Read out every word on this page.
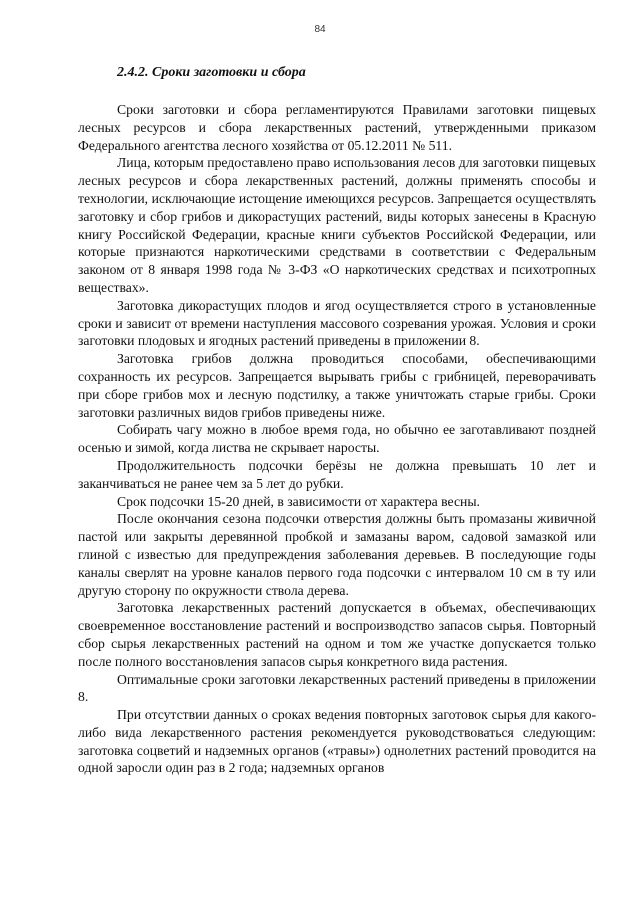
84
2.4.2. Сроки заготовки и сбора

Сроки заготовки и сбора регламентируются Правилами заготовки пищевых лесных ресурсов и сбора лекарственных растений, утвержденными приказом Федерального агентства лесного хозяйства от 05.12.2011 № 511.

Лица, которым предоставлено право использования лесов для заготовки пищевых лесных ресурсов и сбора лекарственных растений, должны применять способы и технологии, исключающие истощение имеющихся ресурсов. Запрещается осуществлять заготовку и сбор грибов и дикорастущих растений, виды которых занесены в Красную книгу Российской Федерации, красные книги субъектов Российской Федерации, или которые признаются наркотическими средствами в соответствии с Федеральным законом от 8 января 1998 года № 3-ФЗ «О наркотических средствах и психотропных веществах».

Заготовка дикорастущих плодов и ягод осуществляется строго в установленные сроки и зависит от времени наступления массового созревания урожая. Условия и сроки заготовки плодовых и ягодных растений приведены в приложении 8.

Заготовка грибов должна проводиться способами, обеспечивающими сохранность их ресурсов. Запрещается вырывать грибы с грибницей, переворачивать при сборе грибов мох и лесную подстилку, а также уничтожать старые грибы. Сроки заготовки различных видов грибов приведены ниже.

Собирать чагу можно в любое время года, но обычно ее заготавливают поздней осенью и зимой, когда листва не скрывает наросты.

Продолжительность подсочки берёзы не должна превышать 10 лет и заканчиваться не ранее чем за 5 лет до рубки.

Срок подсочки 15-20 дней, в зависимости от характера весны.

После окончания сезона подсочки отверстия должны быть промазаны живичной пастой или закрыты деревянной пробкой и замазаны варом, садовой замазкой или глиной с известью для предупреждения заболевания деревьев. В последующие годы каналы сверлят на уровне каналов первого года подсочки с интервалом 10 см в ту или другую сторону по окружности ствола дерева.

Заготовка лекарственных растений допускается в объемах, обеспечивающих своевременное восстановление растений и воспроизводство запасов сырья. Повторный сбор сырья лекарственных растений на одном и том же участке допускается только после полного восстановления запасов сырья конкретного вида растения.

Оптимальные сроки заготовки лекарственных растений приведены в приложении 8.

При отсутствии данных о сроках ведения повторных заготовок сырья для какого-либо вида лекарственного растения рекомендуется руководствоваться следующим: заготовка соцветий и надземных органов («травы») однолетних растений проводится на одной заросли один раз в 2 года; надземных органов
